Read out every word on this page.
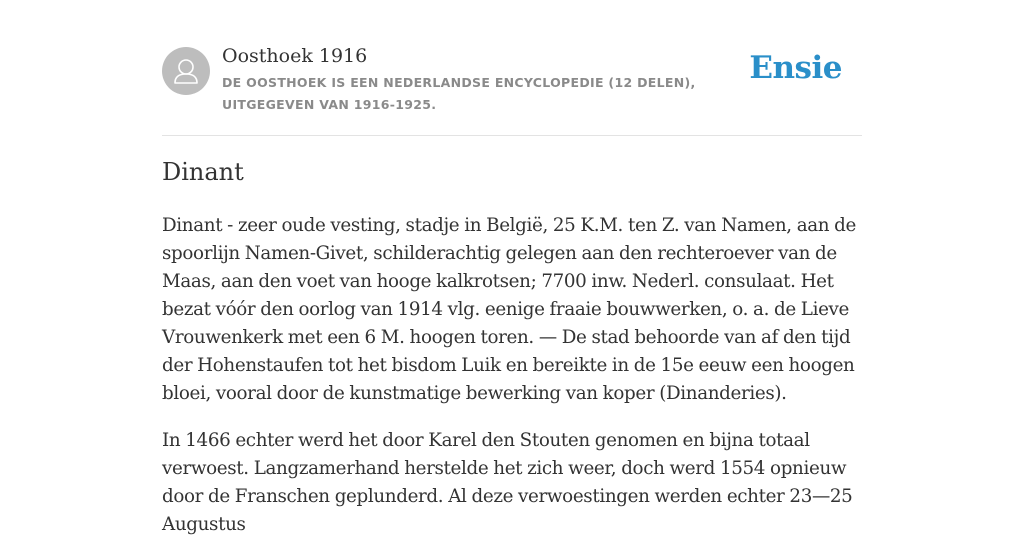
Oosthoek 1916
DE OOSTHOEK IS EEN NEDERLANDSE ENCYCLOPEDIE (12 DELEN), UITGEGEVEN VAN 1916-1925.
Ensie
Dinant

Dinant - zeer oude vesting, stadje in België, 25 K.M. ten Z. van Namen, aan de spoorlijn Namen-Givet, schilderachtig gelegen aan den rechteroever van de Maas, aan den voet van hooge kalkrotsen; 7700 inw. Nederl. consulaat. Het bezat vóór den oorlog van 1914 vlg. eenige fraaie bouwwerken, o. a. de Lieve Vrouwenkerk met een 6 M. hoogen toren. — De stad behoorde van af den tijd der Hohenstaufen tot het bisdom Luik en bereikte in de 15e eeuw een hoogen bloei, vooral door de kunstmatige bewerking van koper (Dinanderies).

In 1466 echter werd het door Karel den Stouten genomen en bijna totaal verwoest. Langzamerhand herstelde het zich weer, doch werd 1554 opnieuw door de Franschen geplunderd. Al deze verwoestingen werden echter 23—25 Augustus
